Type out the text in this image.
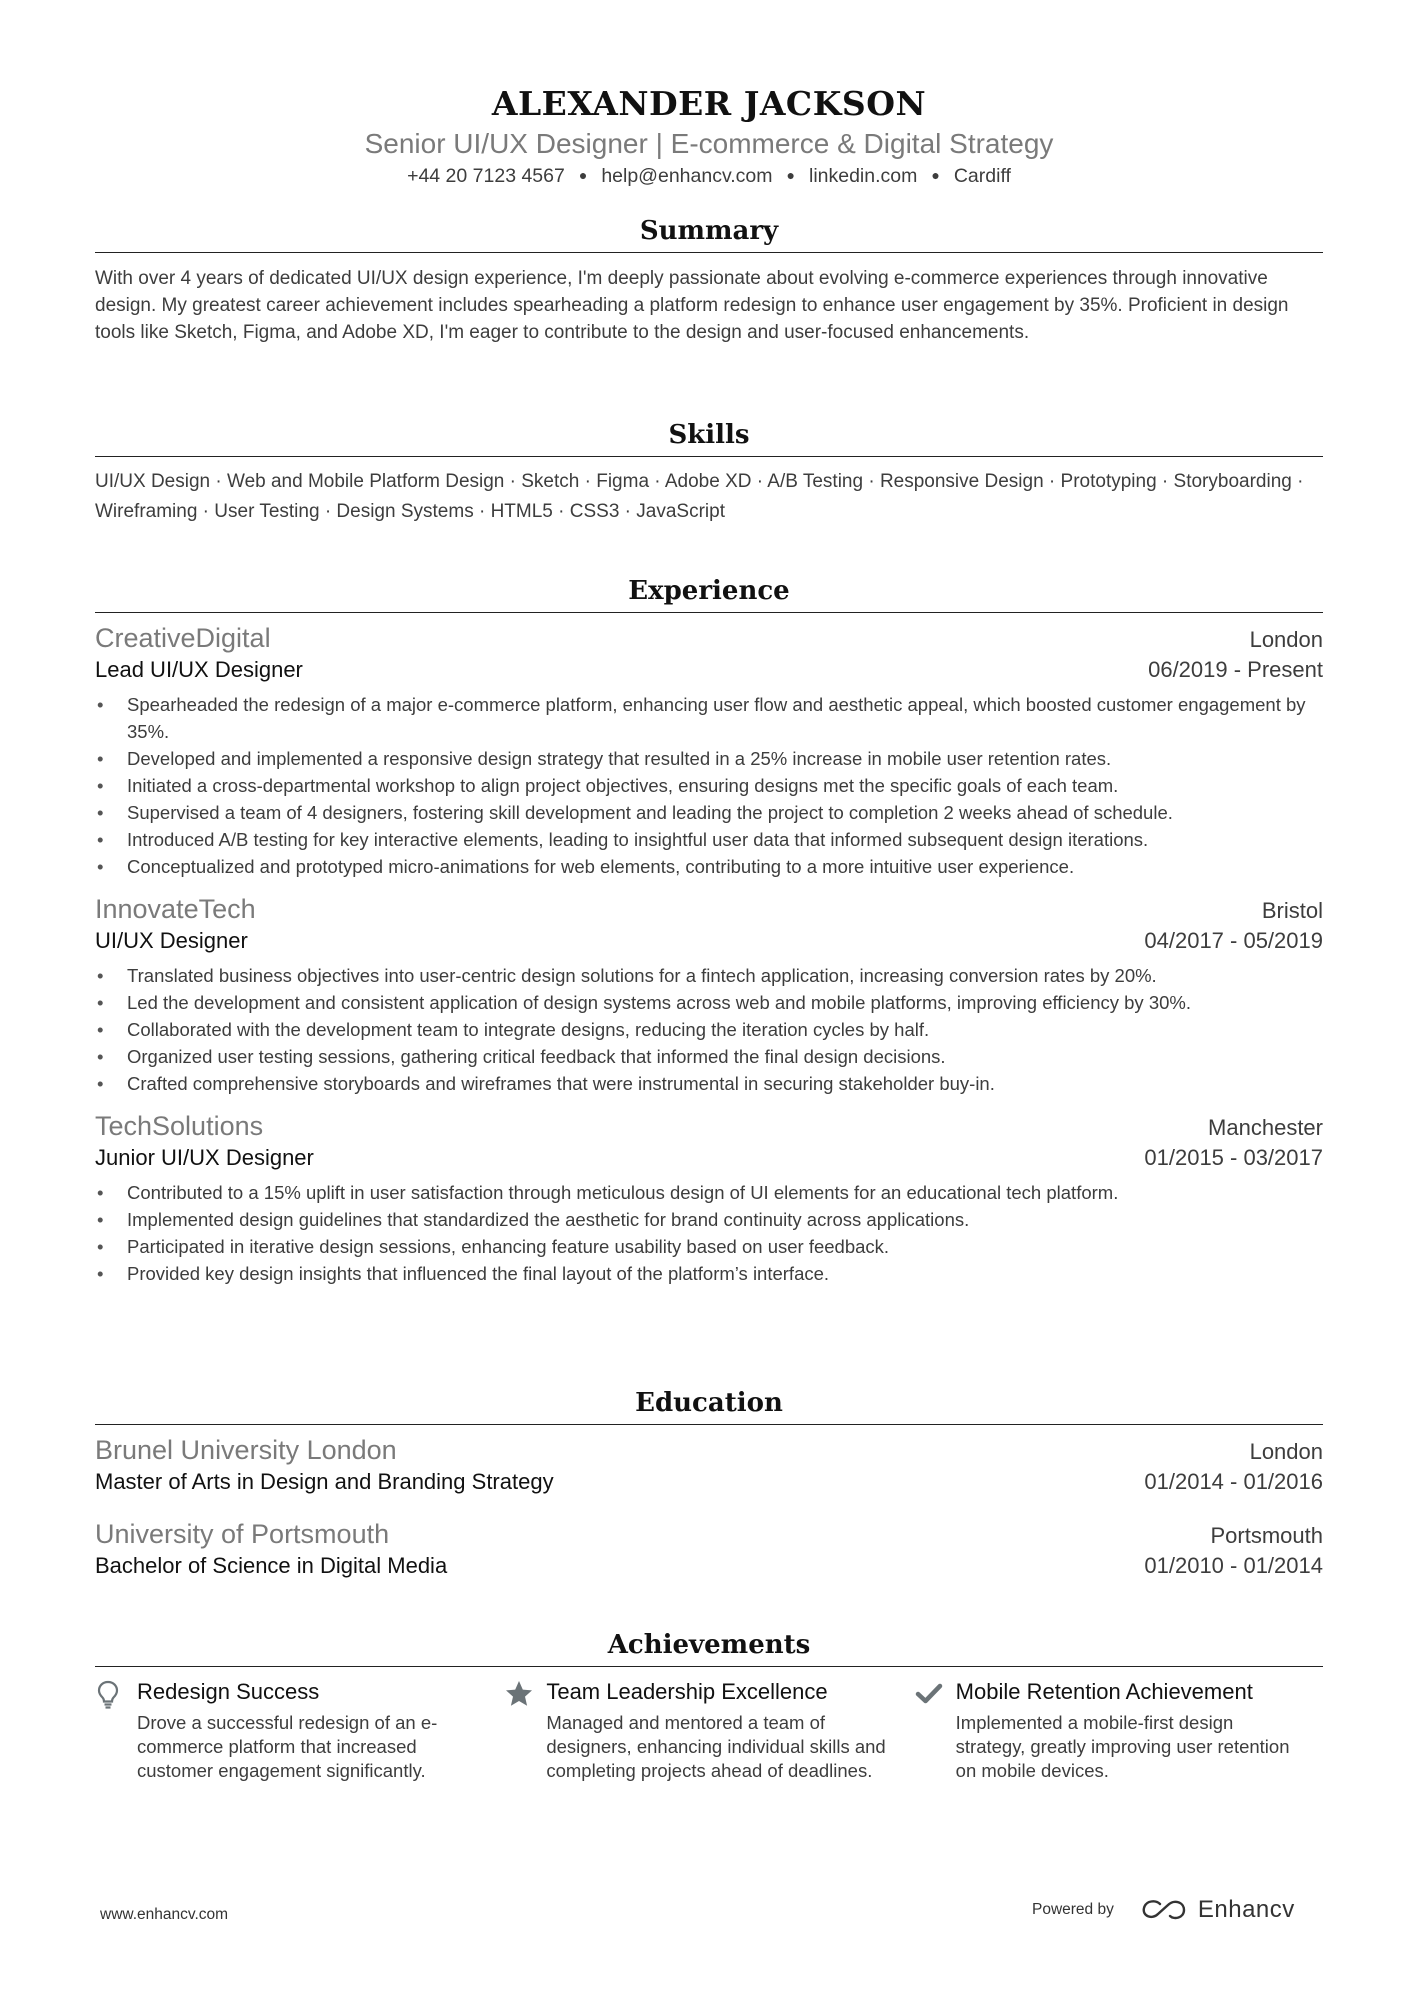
ALEXANDER JACKSON
Senior UI/UX Designer | E-commerce & Digital Strategy
+44 20 7123 4567 ● help@enhancv.com ● linkedin.com ● Cardiff
Summary
With over 4 years of dedicated UI/UX design experience, I'm deeply passionate about evolving e-commerce experiences through innovative design. My greatest career achievement includes spearheading a platform redesign to enhance user engagement by 35%. Proficient in design tools like Sketch, Figma, and Adobe XD, I'm eager to contribute to the design and user-focused enhancements.
Skills
UI/UX Design · Web and Mobile Platform Design · Sketch · Figma · Adobe XD · A/B Testing · Responsive Design · Prototyping · Storyboarding · Wireframing · User Testing · Design Systems · HTML5 · CSS3 · JavaScript
Experience
CreativeDigital	London
Lead UI/UX Designer	06/2019 - Present
• Spearheaded the redesign of a major e-commerce platform, enhancing user flow and aesthetic appeal, which boosted customer engagement by 35%.
• Developed and implemented a responsive design strategy that resulted in a 25% increase in mobile user retention rates.
• Initiated a cross-departmental workshop to align project objectives, ensuring designs met the specific goals of each team.
• Supervised a team of 4 designers, fostering skill development and leading the project to completion 2 weeks ahead of schedule.
• Introduced A/B testing for key interactive elements, leading to insightful user data that informed subsequent design iterations.
• Conceptualized and prototyped micro-animations for web elements, contributing to a more intuitive user experience.
InnovateTech	Bristol
UI/UX Designer	04/2017 - 05/2019
• Translated business objectives into user-centric design solutions for a fintech application, increasing conversion rates by 20%.
• Led the development and consistent application of design systems across web and mobile platforms, improving efficiency by 30%.
• Collaborated with the development team to integrate designs, reducing the iteration cycles by half.
• Organized user testing sessions, gathering critical feedback that informed the final design decisions.
• Crafted comprehensive storyboards and wireframes that were instrumental in securing stakeholder buy-in.
TechSolutions	Manchester
Junior UI/UX Designer	01/2015 - 03/2017
• Contributed to a 15% uplift in user satisfaction through meticulous design of UI elements for an educational tech platform.
• Implemented design guidelines that standardized the aesthetic for brand continuity across applications.
• Participated in iterative design sessions, enhancing feature usability based on user feedback.
• Provided key design insights that influenced the final layout of the platform’s interface.
Education
Brunel University London	London
Master of Arts in Design and Branding Strategy	01/2014 - 01/2016
University of Portsmouth	Portsmouth
Bachelor of Science in Digital Media	01/2010 - 01/2014
Achievements
Redesign Success
Drove a successful redesign of an e-commerce platform that increased customer engagement significantly.
Team Leadership Excellence
Managed and mentored a team of designers, enhancing individual skills and completing projects ahead of deadlines.
Mobile Retention Achievement
Implemented a mobile-first design strategy, greatly improving user retention on mobile devices.
www.enhancv.com	Powered by	Enhancv
